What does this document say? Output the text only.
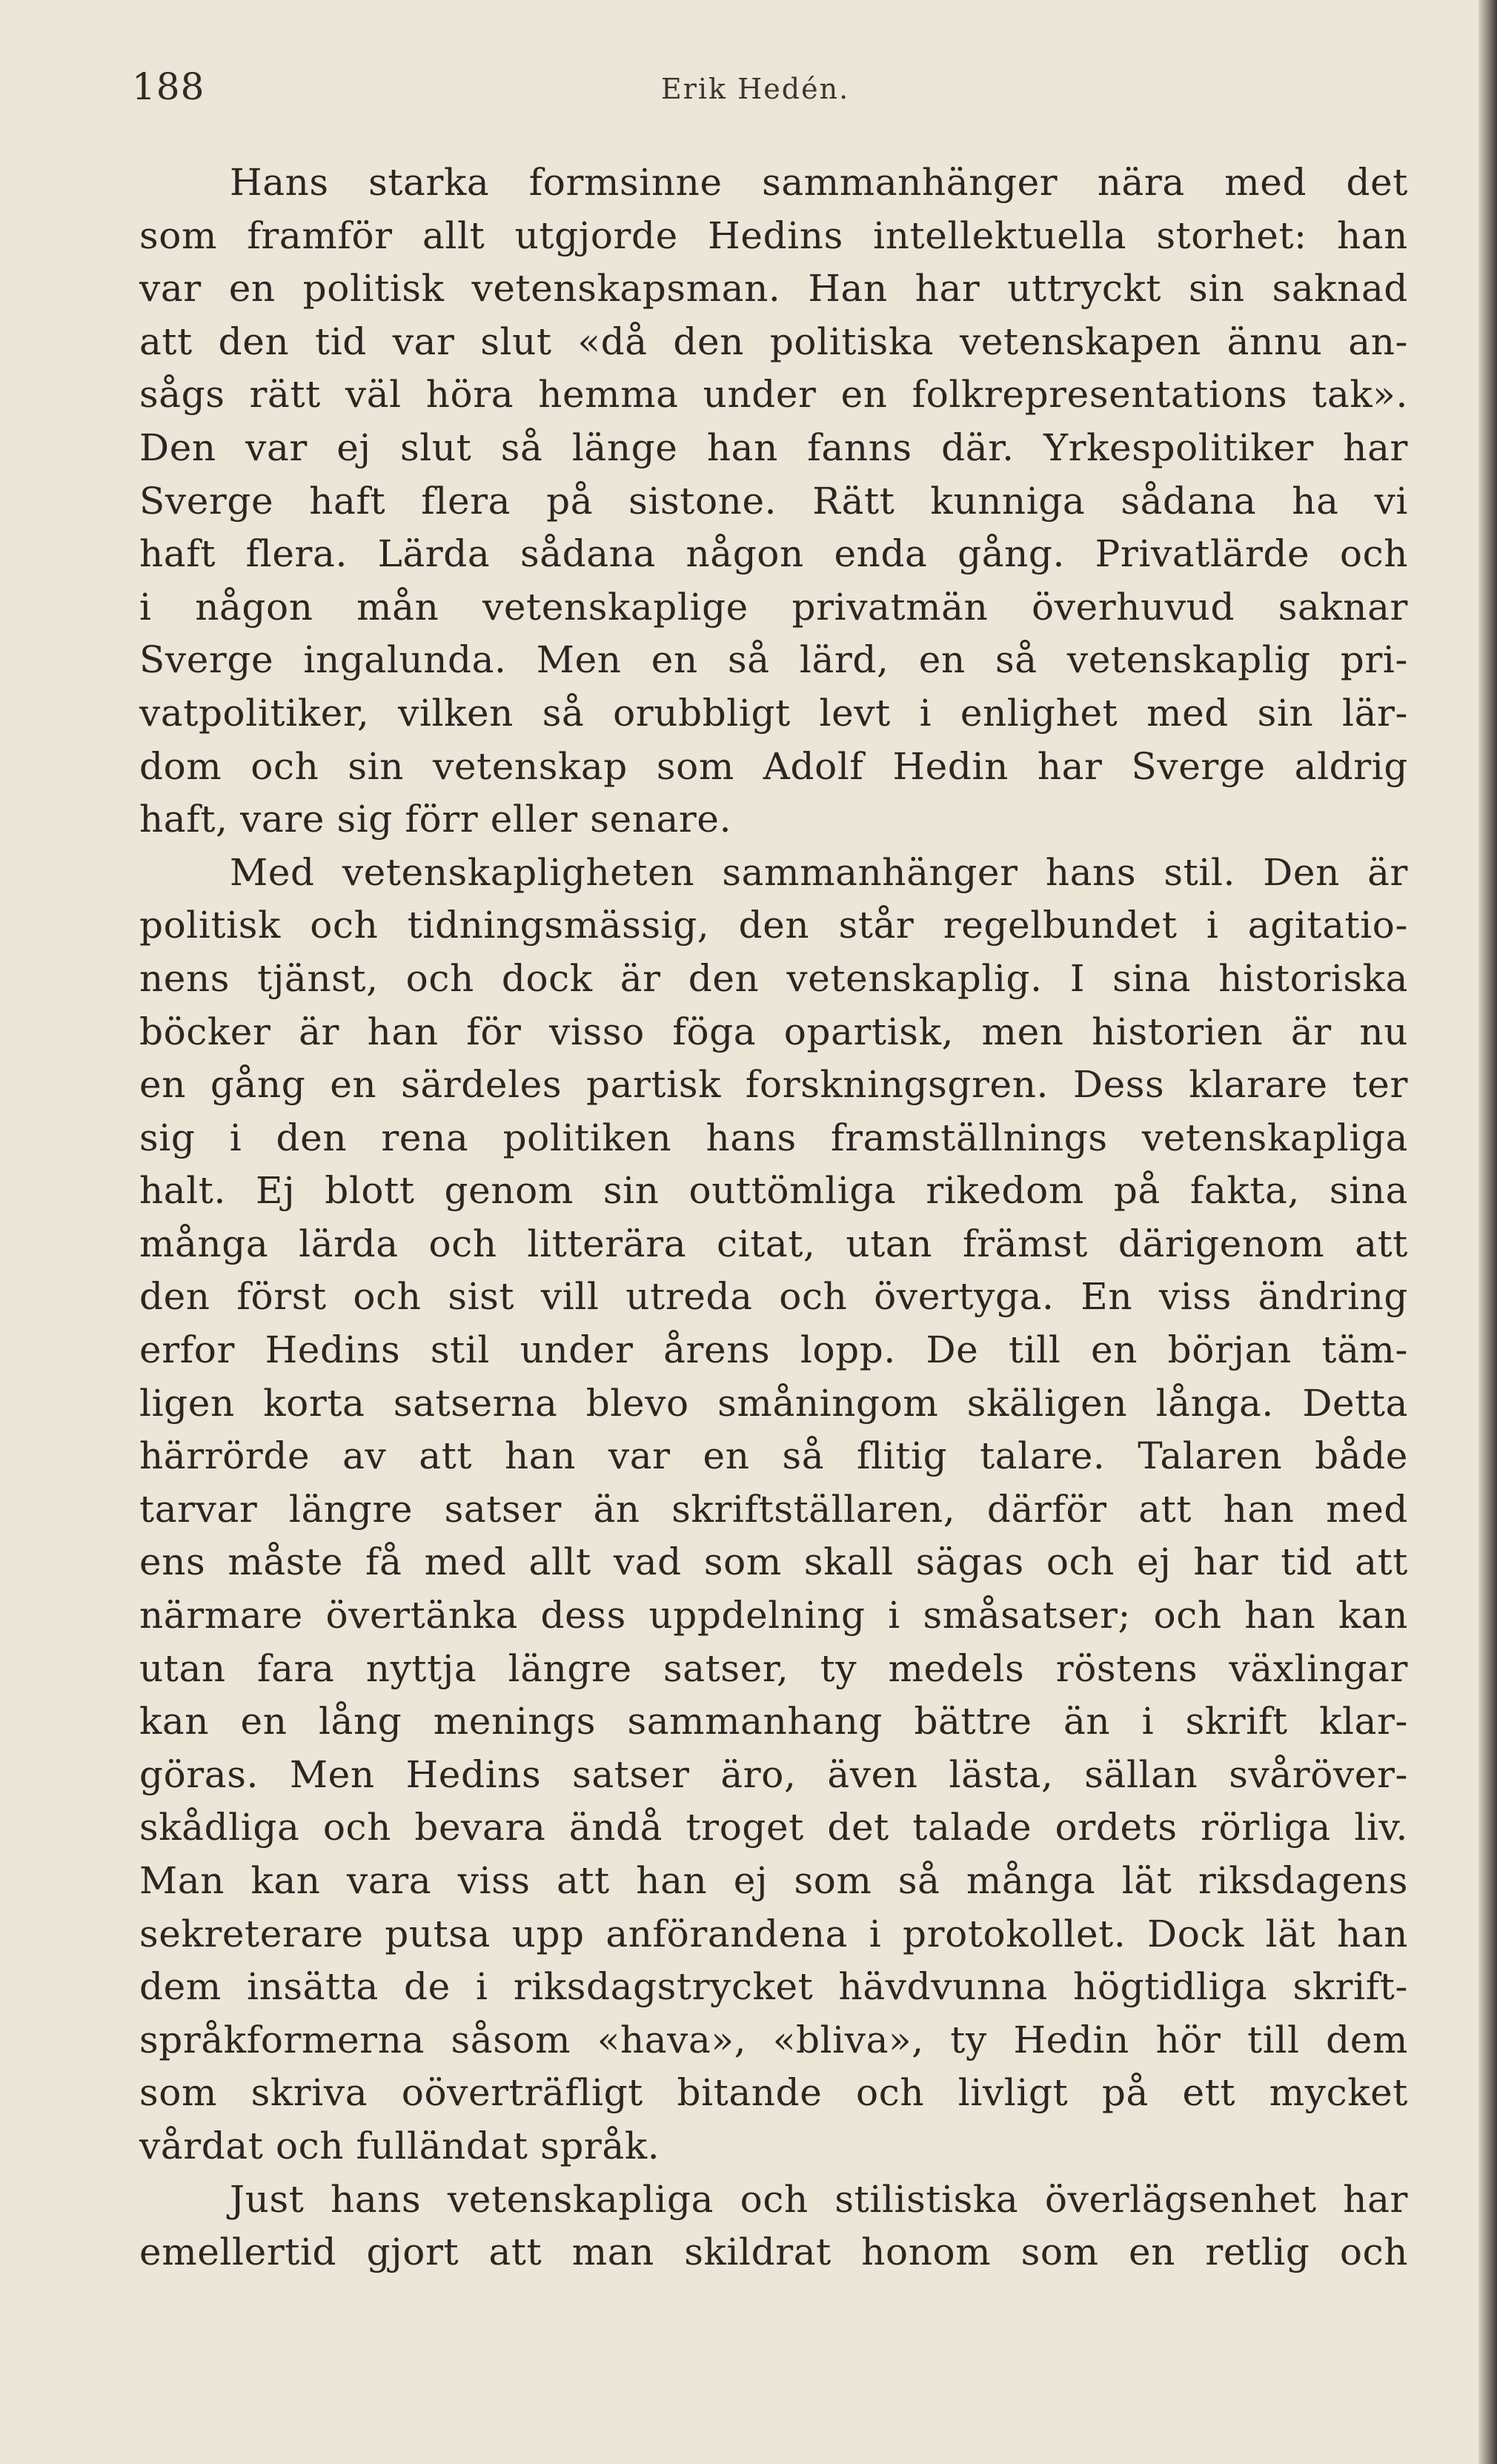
188	Erik Hedén.
Hans starka formsinne sammanhänger nära med det
som framför allt utgjorde Hedins intellektuella storhet: han
var en politisk vetenskapsman. Han har uttryckt sin saknad
att den tid var slut «då den politiska vetenskapen ännu an-
sågs rätt väl höra hemma under en folkrepresentations tak».
Den var ej slut så länge han fanns där. Yrkespolitiker har
Sverge haft flera på sistone. Rätt kunniga sådana ha vi
haft flera. Lärda sådana någon enda gång. Privatlärde och
i någon mån vetenskaplige privatmän överhuvud saknar
Sverge ingalunda. Men en så lärd, en så vetenskaplig pri-
vatpolitiker, vilken så orubbligt levt i enlighet med sin lär-
dom och sin vetenskap som Adolf Hedin har Sverge aldrig
haft, vare sig förr eller senare.
Med vetenskapligheten sammanhänger hans stil. Den är
politisk och tidningsmässig, den står regelbundet i agitatio-
nens tjänst, och dock är den vetenskaplig. I sina historiska
böcker är han för visso föga opartisk, men historien är nu
en gång en särdeles partisk forskningsgren. Dess klarare ter
sig i den rena politiken hans framställnings vetenskapliga
halt. Ej blott genom sin outtömliga rikedom på fakta, sina
många lärda och litterära citat, utan främst därigenom att
den först och sist vill utreda och övertyga. En viss ändring
erfor Hedins stil under årens lopp. De till en början täm-
ligen korta satserna blevo småningom skäligen långa. Detta
härrörde av att han var en så flitig talare. Talaren både
tarvar längre satser än skriftställaren, därför att han med
ens måste få med allt vad som skall sägas och ej har tid att
närmare övertänka dess uppdelning i småsatser; och han kan
utan fara nyttja längre satser, ty medels röstens växlingar
kan en lång menings sammanhang bättre än i skrift klar-
göras. Men Hedins satser äro, även lästa, sällan svåröver-
skådliga och bevara ändå troget det talade ordets rörliga liv.
Man kan vara viss att han ej som så många lät riksdagens
sekreterare putsa upp anförandena i protokollet. Dock lät han
dem insätta de i riksdagstrycket hävdvunna högtidliga skrift-
språkformerna såsom «hava», «bliva», ty Hedin hör till dem
som skriva oöverträfligt bitande och livligt på ett mycket
vårdat och fulländat språk.
Just hans vetenskapliga och stilistiska överlägsenhet har
emellertid gjort att man skildrat honom som en retlig och
